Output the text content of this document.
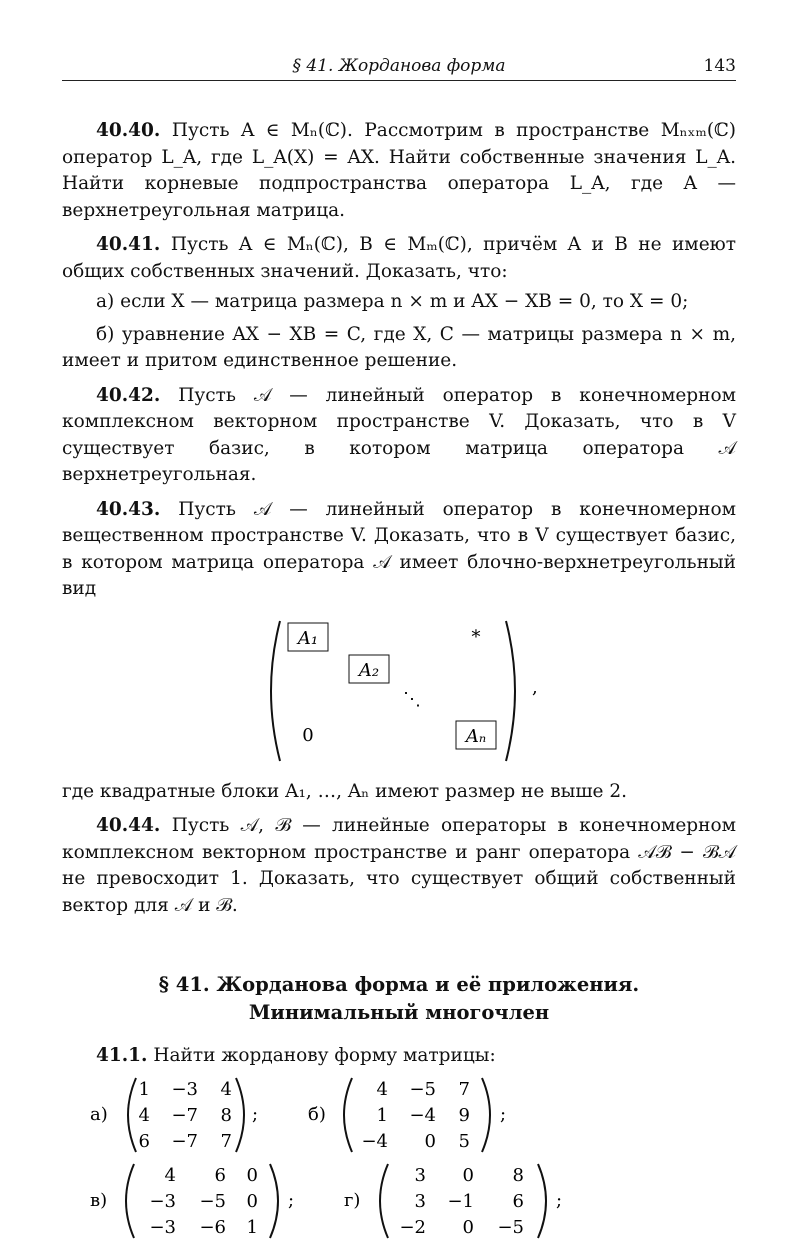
§ 41. Жорданова форма	143

40.40. Пусть A ∈ Mₙ(ℂ). Рассмотрим в пространстве Mₙₓₘ(ℂ) оператор L_A, где L_A(X) = AX. Найти собственные значения L_A. Найти корневые подпространства оператора L_A, где A — верхнетреугольная матрица.

40.41. Пусть A ∈ Mₙ(ℂ), B ∈ Mₘ(ℂ), причём A и B не имеют общих собственных значений. Доказать, что:

а) если X — матрица размера n × m и AX − XB = 0, то X = 0;

б) уравнение AX − XB = C, где X, C — матрицы размера n × m, имеет и притом единственное решение.

40.42. Пусть 𝒜 — линейный оператор в конечномерном комплексном векторном пространстве V. Доказать, что в V существует базис, в котором матрица оператора 𝒜 верхнетреугольная.

40.43. Пусть 𝒜 — линейный оператор в конечномерном вещественном пространстве V. Доказать, что в V существует базис, в котором матрица оператора 𝒜 имеет блочно-верхнетреугольный вид

A₁
A₂
⋱
Aₙ
∗
0
,

где квадратные блоки A₁, …, Aₙ имеют размер не выше 2.

40.44. Пусть 𝒜, ℬ — линейные операторы в конечномерном комплексном векторном пространстве и ранг оператора 𝒜ℬ − ℬ𝒜 не превосходит 1. Доказать, что существует общий собственный вектор для 𝒜 и ℬ.

§ 41. Жорданова форма и её приложения.
Минимальный многочлен

41.1. Найти жорданову форму матрицы:

а)
1 −3 4
4 −7 8
6 −7 7
;	б)
4 −5 7
1 −4 9
−4 0 5
;
в)
4 6 0
−3 −5 0
−3 −6 1
;	г)
3 0 8
3 −1 6
−2 0 −5
;
